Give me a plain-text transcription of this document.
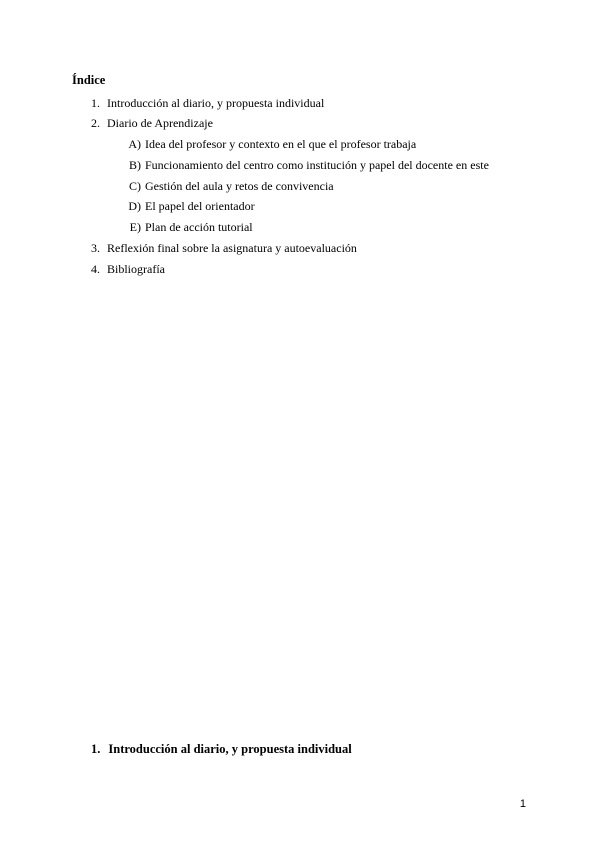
Índice
1. Introducción al diario, y propuesta individual
2. Diario de Aprendizaje
A) Idea del profesor y contexto en el que el profesor trabaja
B) Funcionamiento del centro como institución y papel del docente en este
C) Gestión del aula y retos de convivencia
D) El papel del orientador
E) Plan de acción tutorial
3. Reflexión final sobre la asignatura y autoevaluación
4. Bibliografía
1. Introducción al diario, y propuesta individual
1
